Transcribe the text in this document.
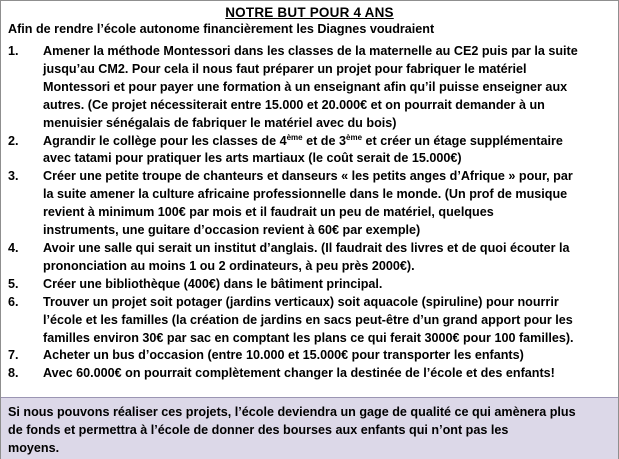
NOTRE BUT POUR 4 ANS
Afin de rendre l’école autonome financièrement les Diagnes voudraient
1. Amener la méthode Montessori dans les classes de la maternelle au CE2 puis par la suite
jusqu’au CM2. Pour cela il nous faut préparer un projet pour fabriquer le matériel
Montessori et pour payer une formation à un enseignant afin qu’il puisse enseigner aux
autres. (Ce projet nécessiterait entre 15.000 et 20.000€ et on pourrait demander à un
menuisier sénégalais de fabriquer le matériel avec du bois)
2. Agrandir le collège pour les classes de 4ème et de 3ème et créer un étage supplémentaire
avec tatami pour pratiquer les arts martiaux (le coût serait de 15.000€)
3. Créer une petite troupe de chanteurs et danseurs « les petits anges d’Afrique » pour, par
la suite amener la culture africaine professionnelle dans le monde. (Un prof de musique
revient à minimum 100€ par mois et il faudrait un peu de matériel, quelques
instruments, une guitare d’occasion revient à 60€ par exemple)
4. Avoir une salle qui serait un institut d’anglais. (Il faudrait des livres et de quoi écouter la
prononciation au moins 1 ou 2 ordinateurs, à peu près 2000€).
5. Créer une bibliothèque (400€) dans le bâtiment principal.
6. Trouver un projet soit potager (jardins verticaux) soit aquacole (spiruline) pour nourrir
l’école et les familles (la création de jardins en sacs peut-être d’un grand apport pour les
familles environ 30€ par sac en comptant les plans ce qui ferait 3000€ pour 100 familles).
7. Acheter un bus d’occasion (entre 10.000 et 15.000€ pour transporter les enfants)
8. Avec 60.000€ on pourrait complètement changer la destinée de l’école et des enfants!
Si nous pouvons réaliser ces projets, l’école deviendra un gage de qualité ce qui amènera plus
de fonds et permettra à l’école de donner des bourses aux enfants qui n’ont pas les
moyens.
